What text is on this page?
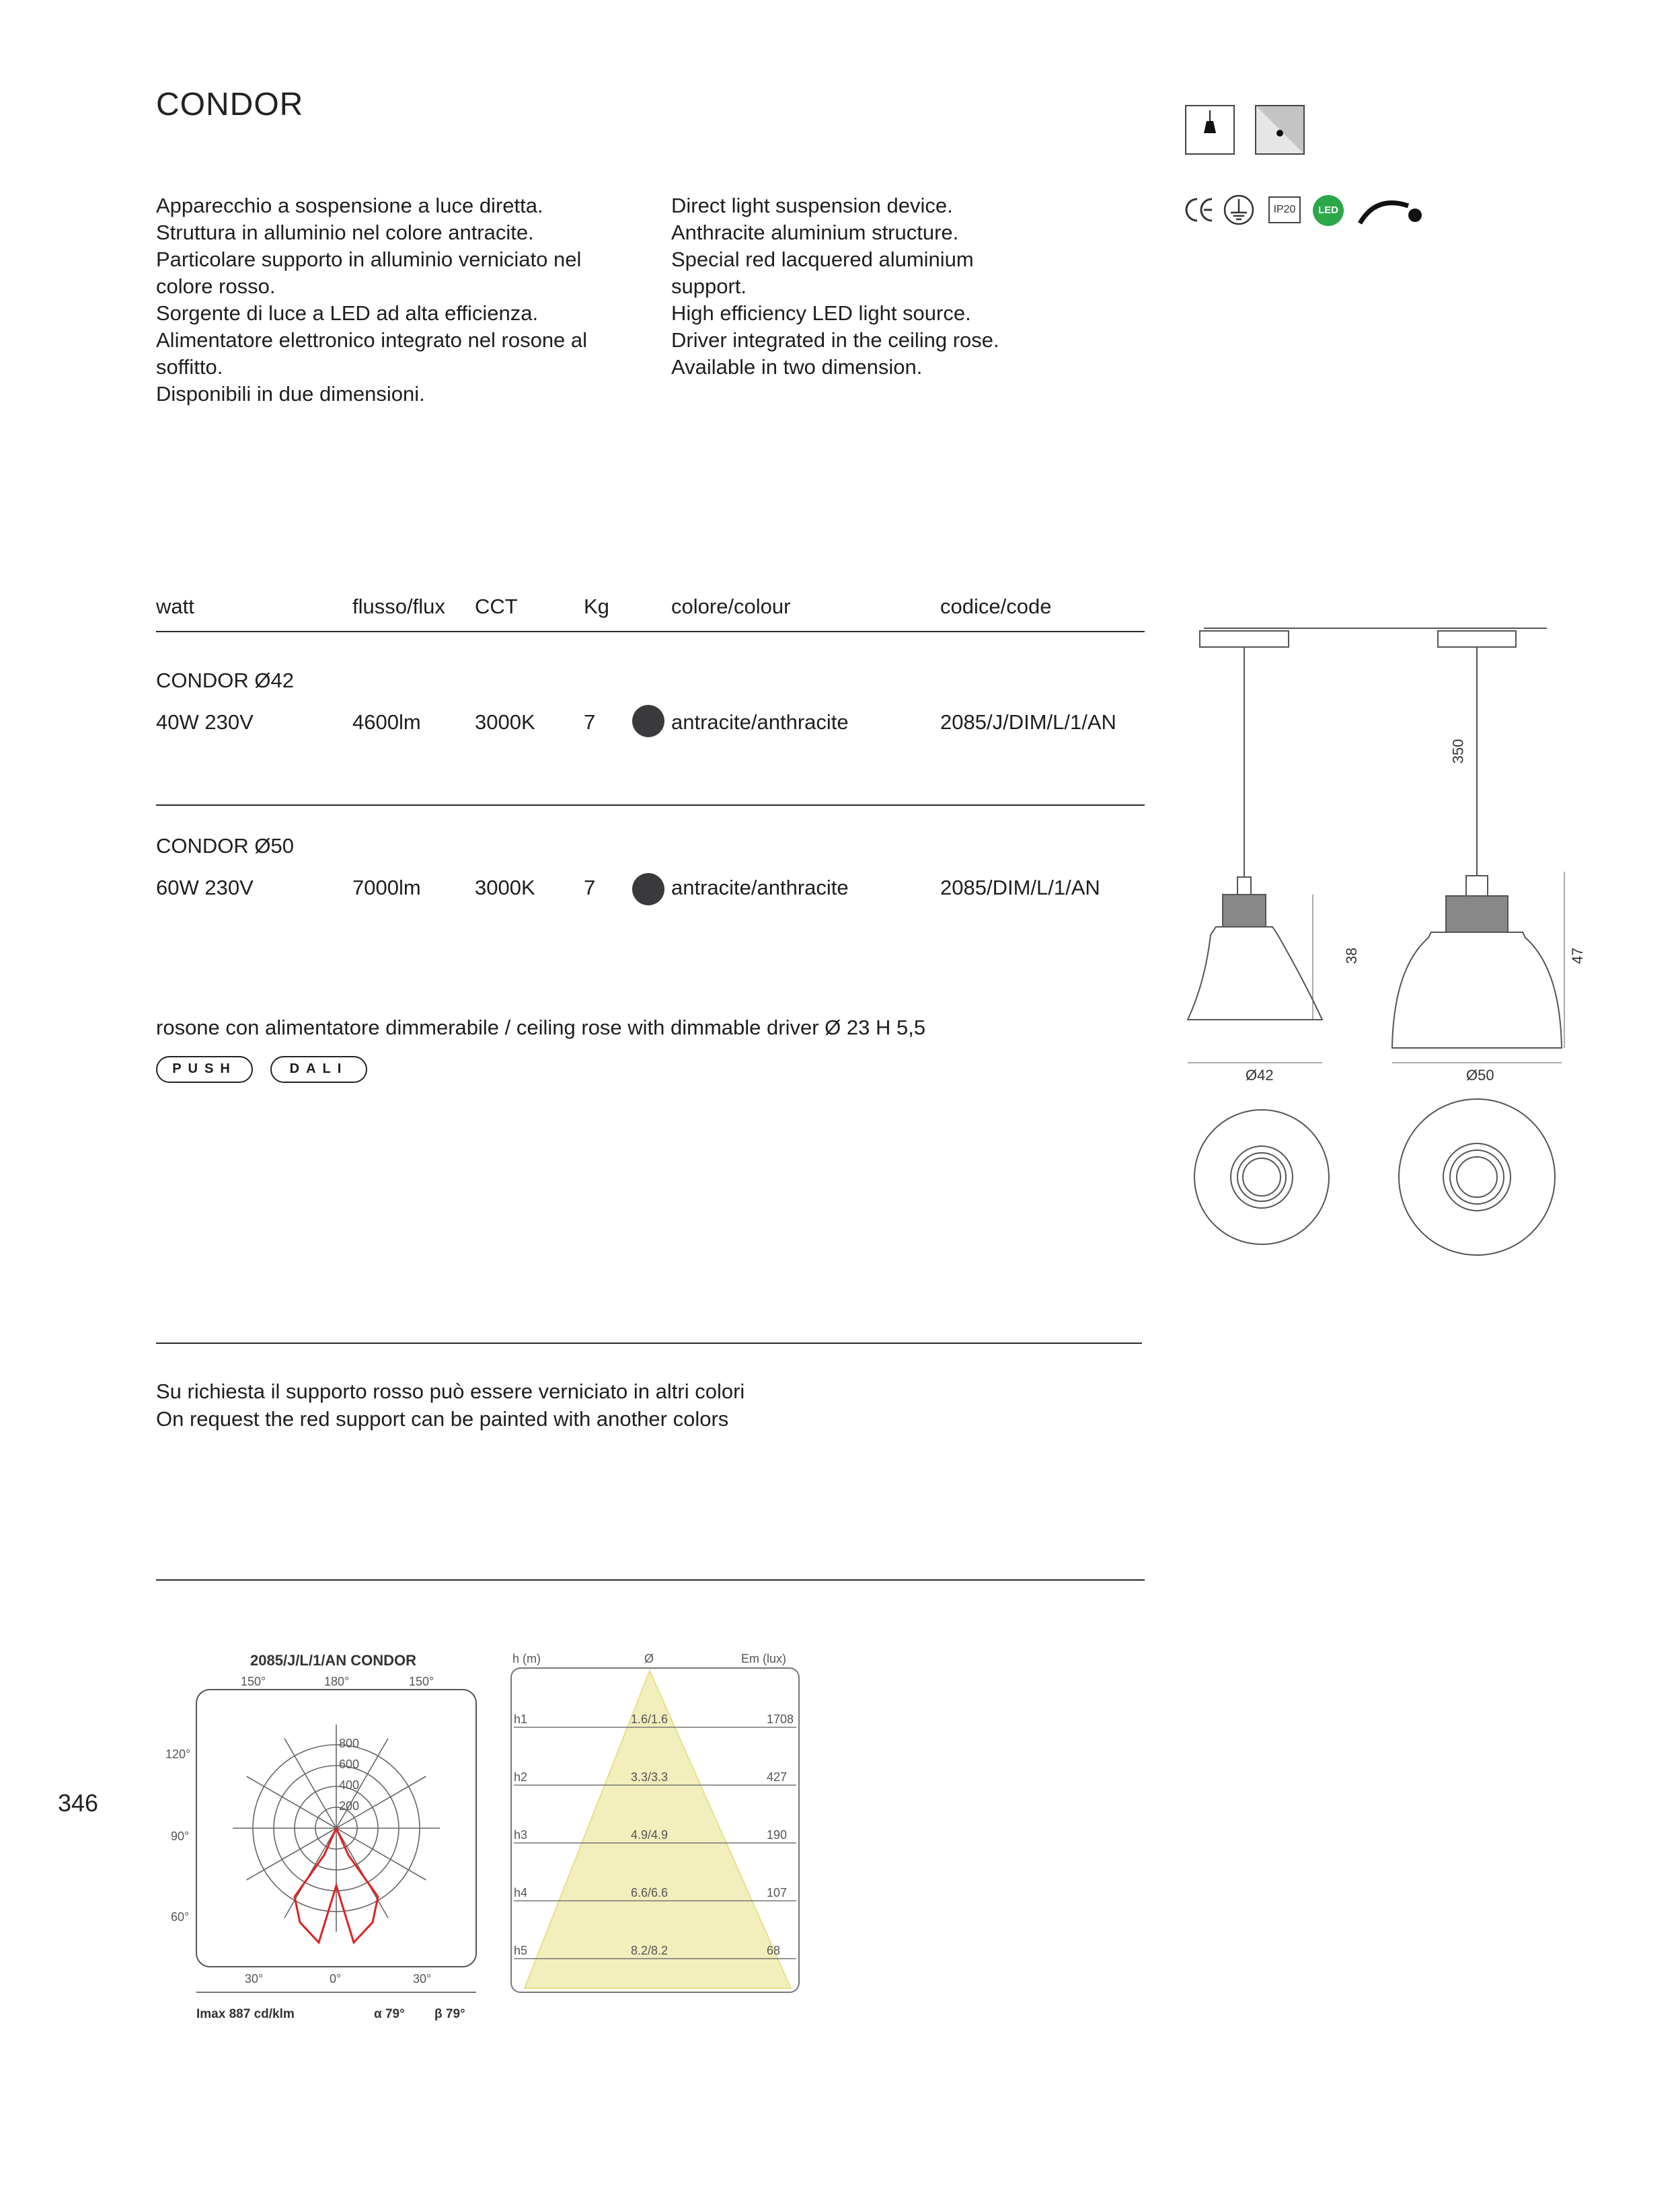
CONDOR
IP20	LED
Apparecchio a sospensione a luce diretta.
Struttura in alluminio nel colore antracite.
Particolare supporto in alluminio verniciato nel
colore rosso.
Sorgente di luce a LED ad alta efficienza.
Alimentatore elettronico integrato nel rosone al
soffitto.
Disponibili in due dimensioni.
Direct light suspension device.
Anthracite aluminium structure.
Special red lacquered aluminium
support.
High efficiency LED light source.
Driver integrated in the ceiling rose.
Available in two dimension.
watt	flusso/flux CCT	Kg	colore/colour	codice/code
CONDOR Ø42
40W 230V	4600lm	3000K 7	antracite/anthracite	2085/J/DIM/L/1/AN
CONDOR Ø50
60W 230V	7000lm	3000K 7	antracite/anthracite	2085/DIM/L/1/AN
rosone con alimentatore dimmerabile / ceiling rose with dimmable driver Ø 23 H 5,5
PUSH	DALI
350
38	47
Ø42	Ø50
Su richiesta il supporto rosso può essere verniciato in altri colori
On request the red support can be painted with another colors
346
2085/J/L/1/AN CONDOR
200
400
600
800
150°	180°	150°
120°
90°
60°
30°	0°	30°
Imax 887 cd/klm	α 79° β 79°
h (m)	Ø	Em (lux)
h1	1.6/1.6	1708
h2	3.3/3.3	427
h3	4.9/4.9	190
h4	6.6/6.6	107
h5	8.2/8.2	68
